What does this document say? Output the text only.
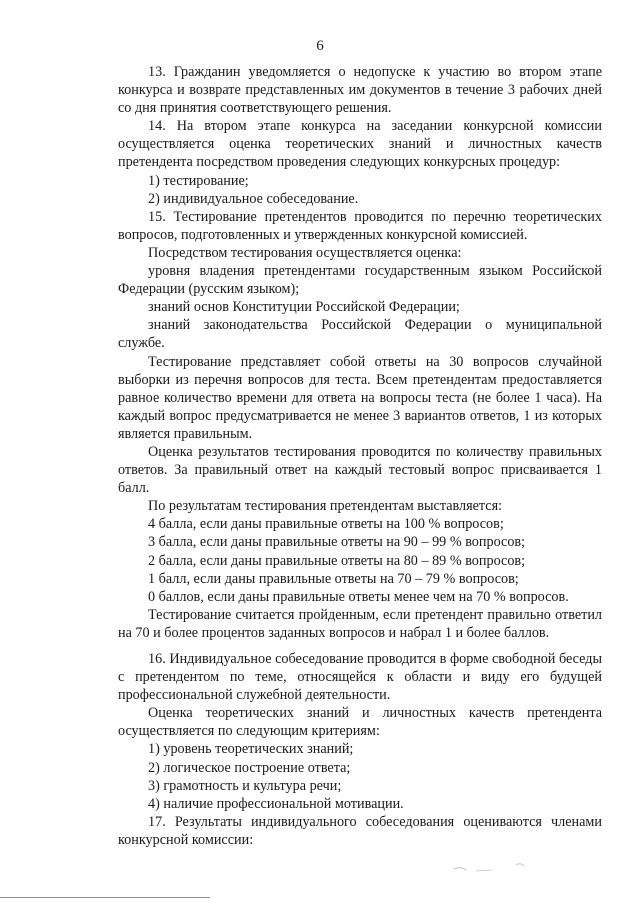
6

13. Гражданин уведомляется о недопуске к участию во втором этапе конкурса и возврате представленных им документов в течение 3 рабочих дней со дня принятия соответствующего решения.

14. На втором этапе конкурса на заседании конкурсной комиссии осуществляется оценка теоретических знаний и личностных качеств претендента посредством проведения следующих конкурсных процедур:

1) тестирование;

2) индивидуальное собеседование.

15. Тестирование претендентов проводится по перечню теоретических вопросов, подготовленных и утвержденных конкурсной комиссией.

Посредством тестирования осуществляется оценка:

уровня владения претендентами государственным языком Российской Федерации (русским языком);

знаний основ Конституции Российской Федерации;

знаний законодательства Российской Федерации о муниципальной службе.

Тестирование представляет собой ответы на 30 вопросов случайной выборки из перечня вопросов для теста. Всем претендентам предоставляется равное количество времени для ответа на вопросы теста (не более 1 часа). На каждый вопрос предусматривается не менее 3 вариантов ответов, 1 из которых является правильным.

Оценка результатов тестирования проводится по количеству правильных ответов. За правильный ответ на каждый тестовый вопрос присваивается 1 балл.

По результатам тестирования претендентам выставляется:

4 балла, если даны правильные ответы на 100 % вопросов;

3 балла, если даны правильные ответы на 90 – 99 % вопросов;

2 балла, если даны правильные ответы на 80 – 89 % вопросов;

1 балл, если даны правильные ответы на 70 – 79 % вопросов;

0 баллов, если даны правильные ответы менее чем на 70 % вопросов.

Тестирование считается пройденным, если претендент правильно ответил на 70 и более процентов заданных вопросов и набрал 1 и более баллов.

16. Индивидуальное собеседование проводится в форме свободной беседы с претендентом по теме, относящейся к области и виду его будущей профессиональной служебной деятельности.

Оценка теоретических знаний и личностных качеств претендента осуществляется по следующим критериям:

1) уровень теоретических знаний;

2) логическое построение ответа;

3) грамотность и культура речи;

4) наличие профессиональной мотивации.

17. Результаты индивидуального собеседования оцениваются членами конкурсной комиссии:
